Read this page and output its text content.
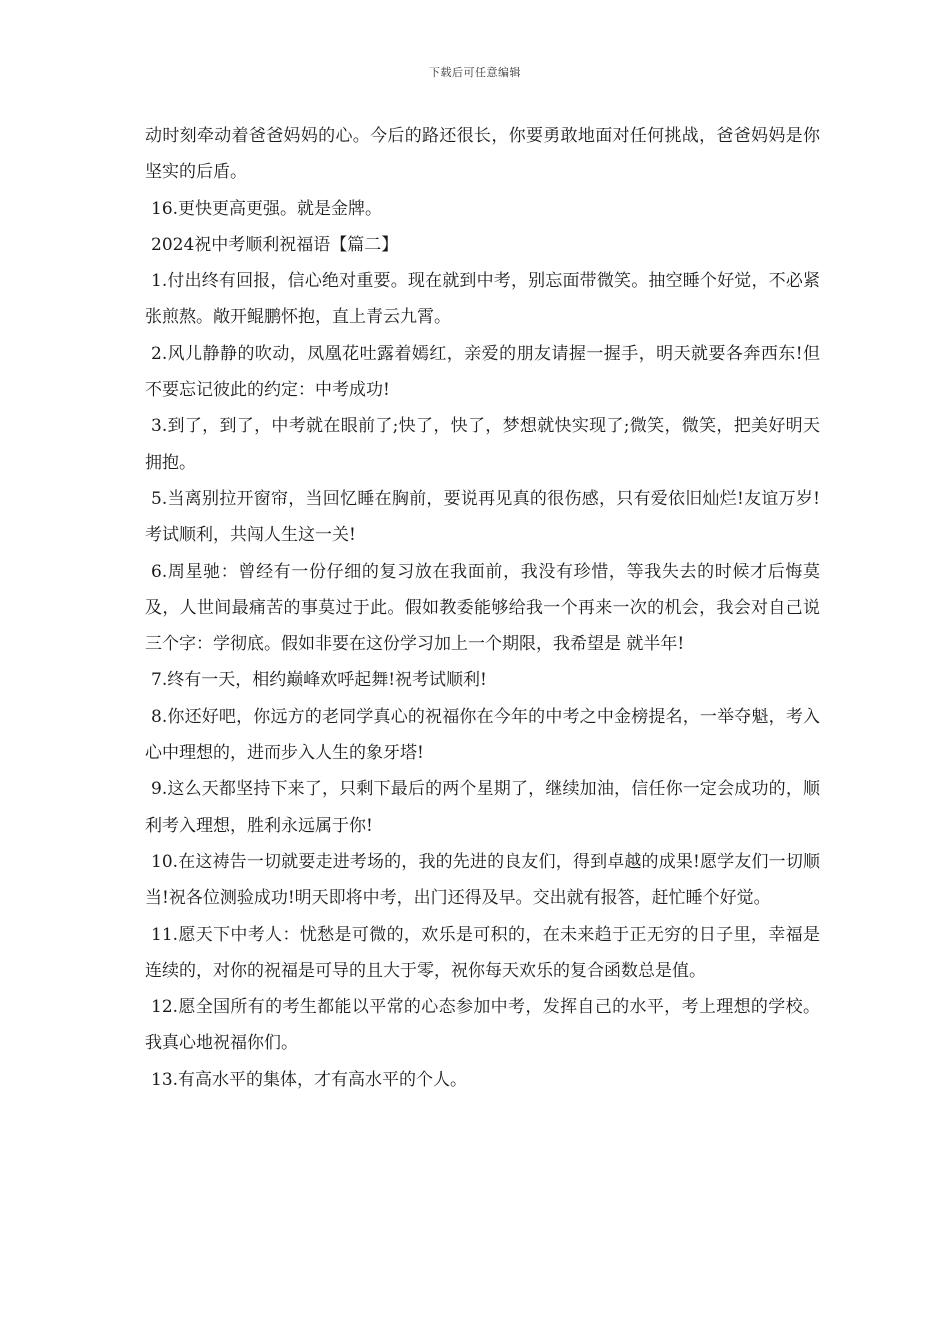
下载后可任意编辑

动时刻牵动着爸爸妈妈的心。今后的路还很长，你要勇敢地面对任何挑战，爸爸妈妈是你坚实的后盾。

16.更快更高更强。就是金牌。

2024祝中考顺利祝福语【篇二】

1.付出终有回报，信心绝对重要。现在就到中考，别忘面带微笑。抽空睡个好觉，不必紧张煎熬。敞开鲲鹏怀抱，直上青云九霄。

2.风儿静静的吹动，凤凰花吐露着嫣红，亲爱的朋友请握一握手，明天就要各奔西东!但不要忘记彼此的约定：中考成功!

3.到了，到了，中考就在眼前了;快了，快了，梦想就快实现了;微笑，微笑，把美好明天拥抱。

5.当离别拉开窗帘，当回忆睡在胸前，要说再见真的很伤感，只有爱依旧灿烂!友谊万岁!考试顺利，共闯人生这一关!

6.周星驰：曾经有一份仔细的复习放在我面前，我没有珍惜，等我失去的时候才后悔莫及，人世间最痛苦的事莫过于此。假如教委能够给我一个再来一次的机会，我会对自己说三个字：学彻底。假如非要在这份学习加上一个期限，我希望是 就半年!

7.终有一天，相约巅峰欢呼起舞!祝考试顺利!

8.你还好吧，你远方的老同学真心的祝福你在今年的中考之中金榜提名，一举夺魁，考入心中理想的，进而步入人生的象牙塔!

9.这么天都坚持下来了，只剩下最后的两个星期了，继续加油，信任你一定会成功的，顺利考入理想，胜利永远属于你!

10.在这祷告一切就要走进考场的，我的先进的良友们，得到卓越的成果!愿学友们一切顺当!祝各位测验成功!明天即将中考，出门还得及早。交出就有报答，赶忙睡个好觉。

11.愿天下中考人：忧愁是可微的，欢乐是可积的，在未来趋于正无穷的日子里，幸福是连续的，对你的祝福是可导的且大于零，祝你每天欢乐的复合函数总是值。

12.愿全国所有的考生都能以平常的心态参加中考，发挥自己的水平，考上理想的学校。我真心地祝福你们。

13.有高水平的集体，才有高水平的个人。
